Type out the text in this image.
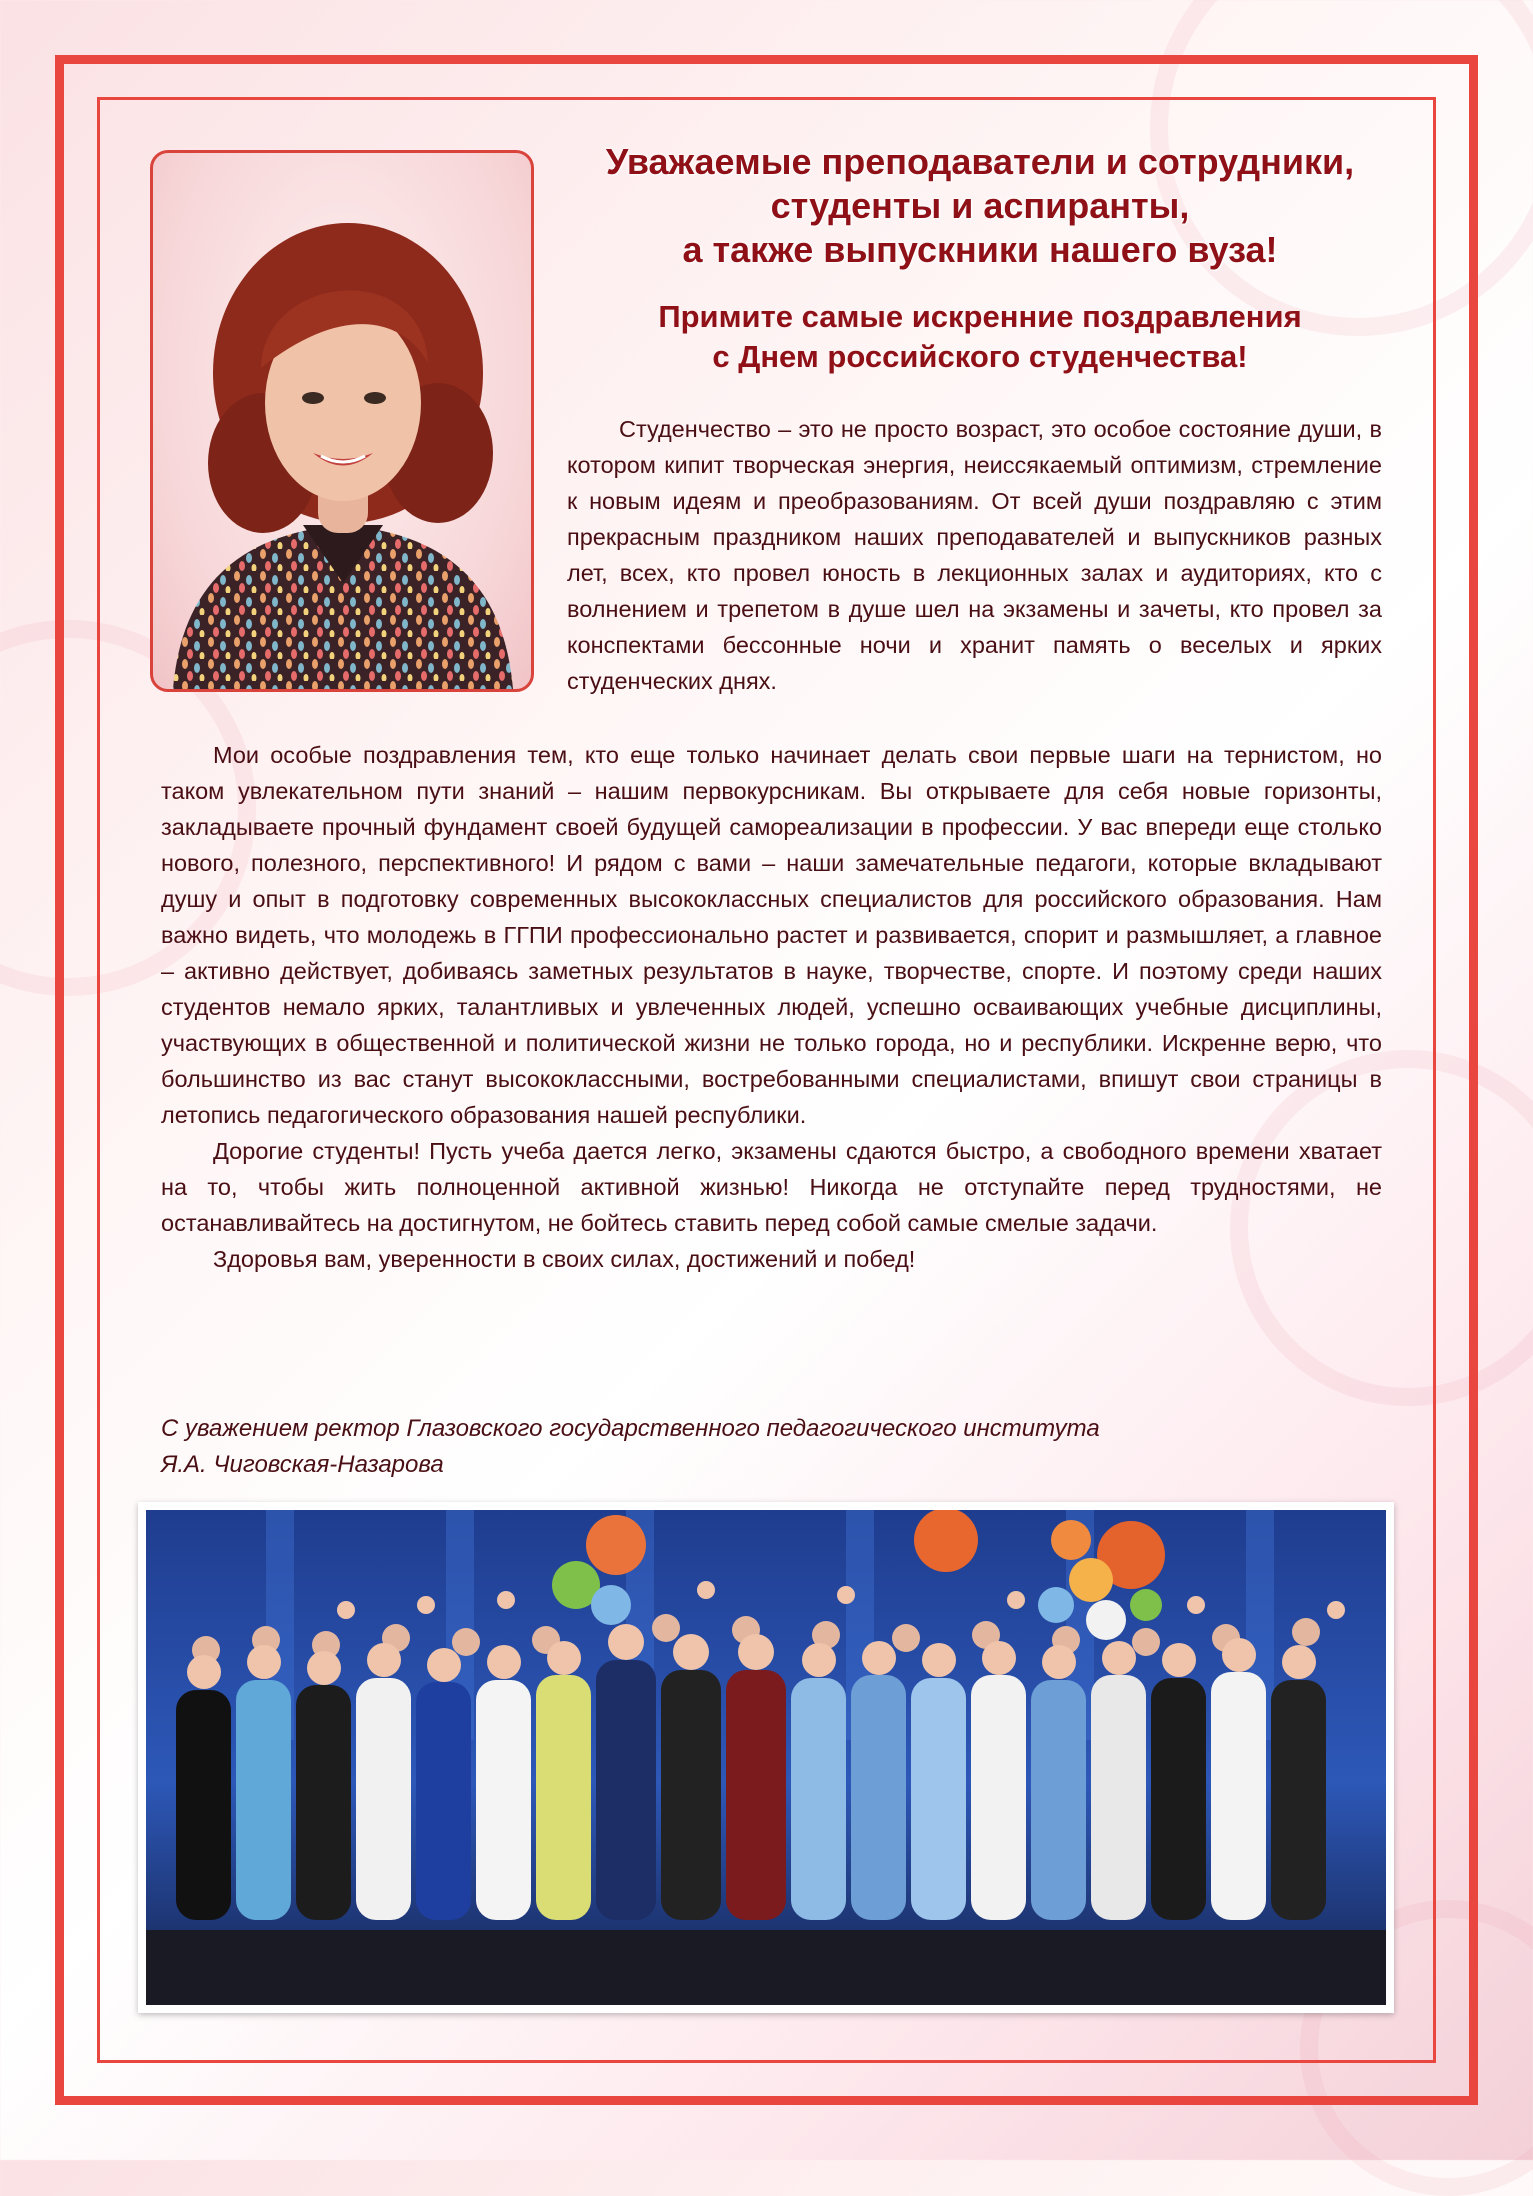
Уважаемые преподаватели и сотрудники,
студенты и аспиранты,
а также выпускники нашего вуза!
Примите самые искренние поздравления
с Днем российского студенчества!

Студенчество – это не просто возраст, это особое состояние души, в котором кипит творческая энергия, неиссякаемый оптимизм, стремление к новым идеям и преобразованиям. От всей души поздравляю с этим прекрасным праздником наших преподавателей и выпускников разных лет, всех, кто провел юность в лекционных залах и аудиториях, кто с волнением и трепетом в душе шел на экзамены и зачеты, кто провел за конспектами бессонные ночи и хранит память о веселых и ярких студенческих днях.

Мои особые поздравления тем, кто еще только начинает делать свои первые шаги на тернистом, но таком увлекательном пути знаний – нашим первокурсникам. Вы открываете для себя новые горизонты, закладываете прочный фундамент своей будущей самореализации в профессии. У вас впереди еще столько нового, полезного, перспективного! И рядом с вами – наши замечательные педагоги, которые вкладывают душу и опыт в подготовку современных высококлассных специалистов для российского образования. Нам важно видеть, что молодежь в ГГПИ профессионально растет и развивается, спорит и размышляет, а главное – активно действует, добиваясь заметных результатов в науке, творчестве, спорте. И поэтому среди наших студентов немало ярких, талантливых и увлеченных людей, успешно осваивающих учебные дисциплины, участвующих в общественной и политической жизни не только города, но и республики. Искренне верю, что большинство из вас станут высококлассными, востребованными специалистами, впишут свои страницы в летопись педагогического образования нашей республики.

Дорогие студенты! Пусть учеба дается легко, экзамены сдаются быстро, а свободного времени хватает на то, чтобы жить полноценной активной жизнью! Никогда не отступайте перед трудностями, не останавливайтесь на достигнутом, не бойтесь ставить перед собой самые смелые задачи.

Здоровья вам, уверенности в своих силах, достижений и побед!

С уважением ректор Глазовского государственного педагогического института
Я.А. Чиговская-Назарова
